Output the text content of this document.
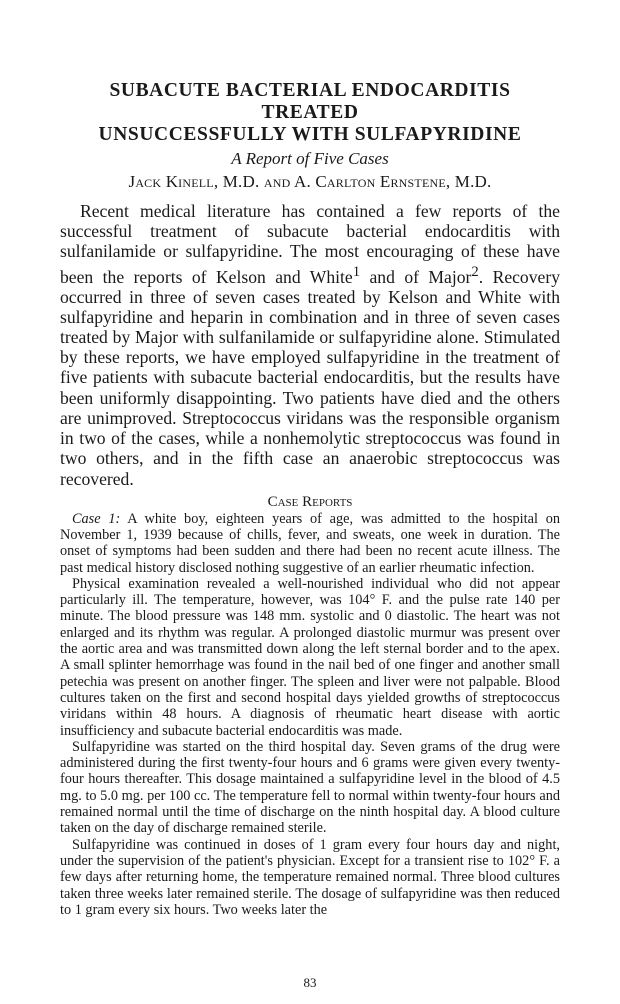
SUBACUTE BACTERIAL ENDOCARDITIS TREATED
UNSUCCESSFULLY WITH SULFAPYRIDINE
A Report of Five Cases
Jack Kinell, M.D. and A. Carlton Ernstene, M.D.

Recent medical literature has contained a few reports of the successful treatment of subacute bacterial endocarditis with sulfanilamide or sulfapyridine. The most encouraging of these have been the reports of Kelson and White$^1$ and of Major$^2$. Recovery occurred in three of seven cases treated by Kelson and White with sulfapyridine and heparin in combination and in three of seven cases treated by Major with sulfanilamide or sulfapyridine alone. Stimulated by these reports, we have employed sulfapyridine in the treatment of five patients with subacute bacterial endocarditis, but the results have been uniformly disappointing. Two patients have died and the others are unimproved. Streptococcus viridans was the responsible organism in two of the cases, while a nonhemolytic streptococcus was found in two others, and in the fifth case an anaerobic streptococcus was recovered.

Case Reports

Case 1: A white boy, eighteen years of age, was admitted to the hospital on November 1, 1939 because of chills, fever, and sweats, one week in duration. The onset of symptoms had been sudden and there had been no recent acute illness. The past medical history disclosed nothing suggestive of an earlier rheumatic infection.

Physical examination revealed a well-nourished individual who did not appear particularly ill. The temperature, however, was 104° F. and the pulse rate 140 per minute. The blood pressure was 148 mm. systolic and 0 diastolic. The heart was not enlarged and its rhythm was regular. A prolonged diastolic murmur was present over the aortic area and was transmitted down along the left sternal border and to the apex. A small splinter hemorrhage was found in the nail bed of one finger and another small petechia was present on another finger. The spleen and liver were not palpable. Blood cultures taken on the first and second hospital days yielded growths of streptococcus viridans within 48 hours. A diagnosis of rheumatic heart disease with aortic insufficiency and subacute bacterial endocarditis was made.

Sulfapyridine was started on the third hospital day. Seven grams of the drug were administered during the first twenty-four hours and 6 grams were given every twenty-four hours thereafter. This dosage maintained a sulfapyridine level in the blood of 4.5 mg. to 5.0 mg. per 100 cc. The temperature fell to normal within twenty-four hours and remained normal until the time of discharge on the ninth hospital day. A blood culture taken on the day of discharge remained sterile.

Sulfapyridine was continued in doses of 1 gram every four hours day and night, under the supervision of the patient's physician. Except for a transient rise to 102° F. a few days after returning home, the temperature remained normal. Three blood cultures taken three weeks later remained sterile. The dosage of sulfapyridine was then reduced to 1 gram every six hours. Two weeks later the

83
